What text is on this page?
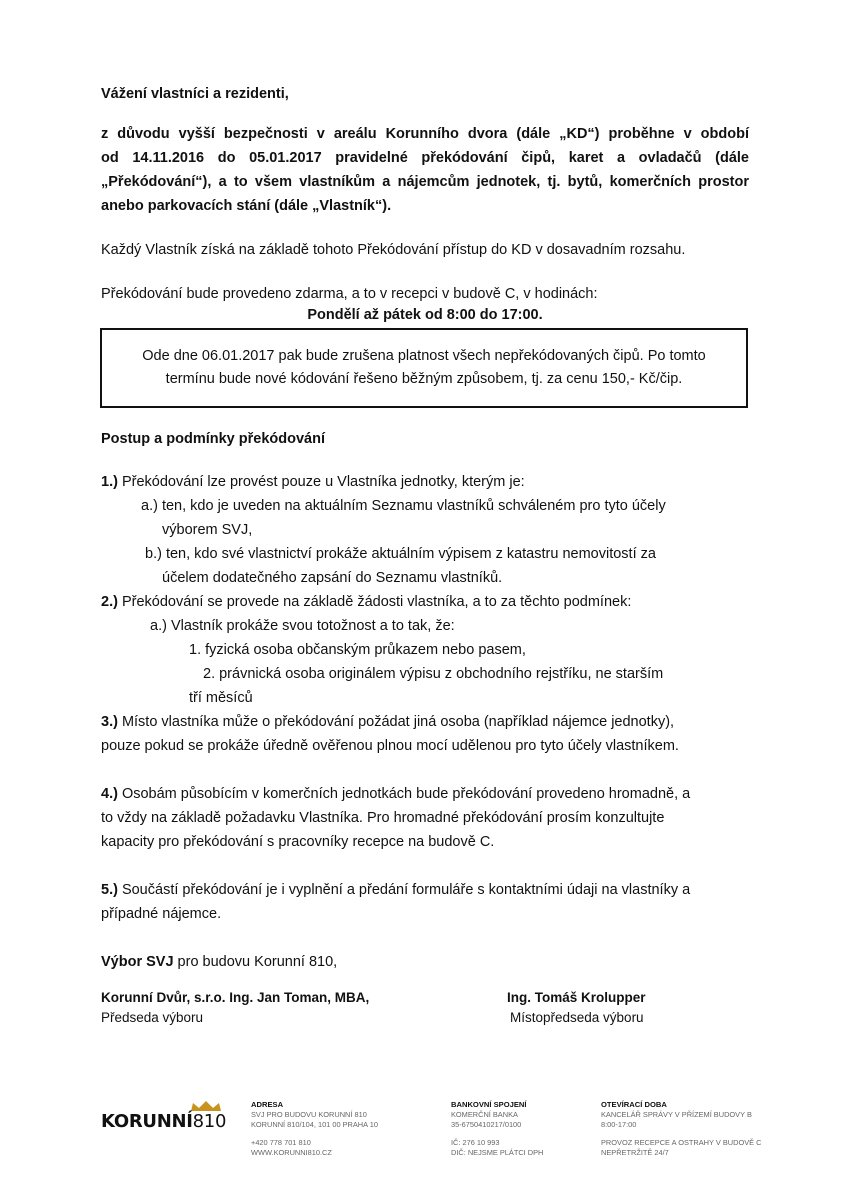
Vážení vlastníci a rezidenti,
z důvodu vyšší bezpečnosti v areálu Korunního dvora (dále „KD“) proběhne v období
od 14.11.2016 do 05.01.2017 pravidelné překódování čipů, karet a ovladačů (dále
„Překódování“), a to všem vlastníkům a nájemcům jednotek, tj. bytů, komerčních prostor
anebo parkovacích stání (dále „Vlastník“).
Každý Vlastník získá na základě tohoto Překódování přístup do KD v dosavadním rozsahu.
Překódování bude provedeno zdarma, a to v recepci v budově C, v hodinách:
Pondělí až pátek od 8:00 do 17:00.
Ode dne 06.01.2017 pak bude zrušena platnost všech nepřekódovaných čipů. Po tomto
termínu bude nové kódování řešeno běžným způsobem, tj. za cenu 150,- Kč/čip.
Postup a podmínky překódování
1.) Překódování lze provést pouze u Vlastníka jednotky, kterým je:
a.) ten, kdo je uveden na aktuálním Seznamu vlastníků schváleném pro tyto účely
výborem SVJ,
b.) ten, kdo své vlastnictví prokáže aktuálním výpisem z katastru nemovitostí za
účelem dodatečného zapsání do Seznamu vlastníků.
2.) Překódování se provede na základě žádosti vlastníka, a to za těchto podmínek:
a.) Vlastník prokáže svou totožnost a to tak, že:
1. fyzická osoba občanským průkazem nebo pasem,
2. právnická osoba originálem výpisu z obchodního rejstříku, ne starším
tří měsíců
3.) Místo vlastníka může o překódování požádat jiná osoba (například nájemce jednotky),
pouze pokud se prokáže úředně ověřenou plnou mocí udělenou pro tyto účely vlastníkem.
4.) Osobám působícím v komerčních jednotkách bude překódování provedeno hromadně, a
to vždy na základě požadavku Vlastníka. Pro hromadné překódování prosím konzultujte
kapacity pro překódování s pracovníky recepce na budově C.
5.) Součástí překódování je i vyplnění a předání formuláře s kontaktními údaji na vlastníky a
případné nájemce.
Výbor SVJ pro budovu Korunní 810,
Korunní Dvůr, s.r.o. Ing. Jan Toman, MBA,
Předseda výboru
Ing. Tomáš Krolupper
Místopředseda výboru
KORUNNÍ810
ADRESA
SVJ PRO BUDOVU KORUNNÍ 810
KORUNNÍ 810/104, 101 00 PRAHA 10
+420 778 701 810
WWW.KORUNNI810.CZ
BANKOVNÍ SPOJENÍ
KOMERČNÍ BANKA
35-6750410217/0100
IČ: 276 10 993
DIČ: NEJSME PLÁTCI DPH
OTEVÍRACÍ DOBA
KANCELÁŘ SPRÁVY V PŘÍZEMÍ BUDOVY B
8:00-17:00
PROVOZ RECEPCE A OSTRAHY V BUDOVĚ C
NEPŘETRŽITĚ 24/7
